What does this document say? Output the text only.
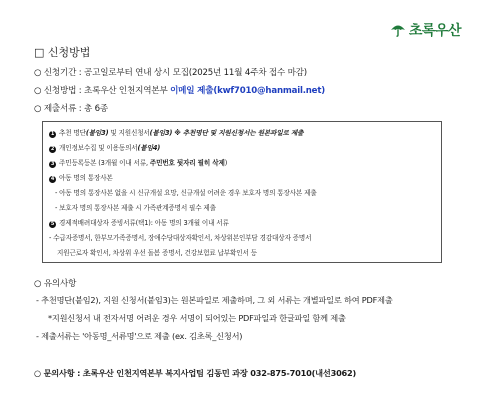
초록우산
□ 신청방법
○ 신청기간 : 공고일로부터 연내 상시 모집(2025년 11월 4주차 접수 마감)
○ 신청방법 : 초록우산 인천지역본부 이메일 제출(kwf7010@hanmail.net)
○ 제출서류 : 총 6종
1 추천 명단(붙임3) 및 지원신청서(붙임3) ※ 추천명단 및 지원신청서는 원본파일로 제출
2 개인정보수집 및 이용동의서(붙임4)
3 주민등록등본 (3개월 이내 서류, 주민번호 뒷자리 필히 삭제)
4 아동 명의 통장사본
- 아동 명의 통장사본 없을 시 신규개설 요망, 신규개설 어려운 경우 보호자 명의 통장사본 제출
- 보호자 명의 통장사본 제출 시 가족관계증명서 필수 제출
5 경제적배려대상자 증빙서류(택1): 아동 명의 3개월 이내 서류
- 수급자증명서, 한부모가족증명서, 장애수당대상자확인서, 차상위본인부담 경감대상자 증명서
지원근로자 확인서, 차상위 우선 돌봄 증명서, 건강보험료 납부확인서 등
○ 유의사항
- 추천명단(붙임2), 지원 신청서(붙임3)는 원본파일로 제출하며, 그 외 서류는 개별파일로 하여 PDF제출
*지원신청서 내 전자서명 어려운 경우 서명이 되어있는 PDF파일과 한글파일 함께 제출
- 제출서류는 '아동명_서류명'으로 제출 (ex. 김초록_신청서)
○ 문의사항 : 초록우산 인천지역본부 복지사업팀 김동민 과장 032-875-7010(내선3062)
